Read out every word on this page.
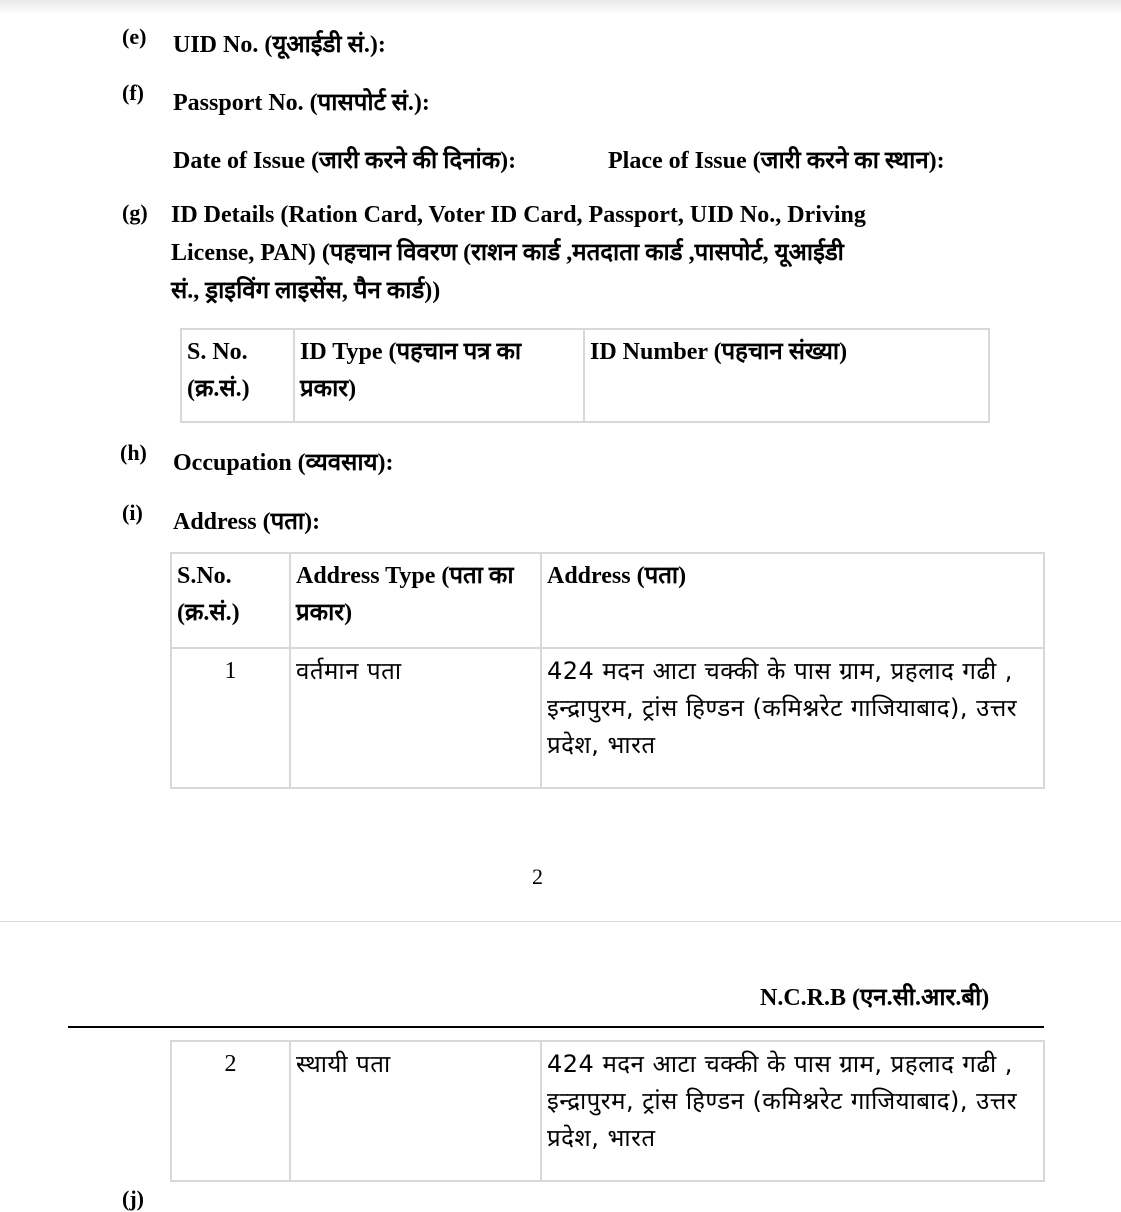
(e) UID No. (यूआईडी सं.):
(f) Passport No. (पासपोर्ट सं.):
Date of Issue (जारी करने की दिनांक):	Place of Issue (जारी करने का स्थान):
(g) ID Details (Ration Card, Voter ID Card, Passport, UID No., Driving
License, PAN) (पहचान विवरण (राशन कार्ड ,मतदाता कार्ड ,पासपोर्ट, यूआईडी
सं., ड्राइविंग लाइसेंस, पैन कार्ड))
S. No. (क्र.सं.)	ID Type (पहचान पत्र का प्रकार)	ID Number (पहचान संख्या)
(h) Occupation (व्यवसाय):
(i) Address (पता):
S.No. (क्र.सं.)	Address Type (पता का प्रकार)	Address (पता)
1	वर्तमान पता	424 मदन आटा चक्की के पास ग्राम, प्रहलाद गढी , इन्द्रापुरम, ट्रांस हिण्डन (कमिश्नरेट गाजियाबाद), उत्तर प्रदेश, भारत
2
N.C.R.B (एन.सी.आर.बी)
2	स्थायी पता	424 मदन आटा चक्की के पास ग्राम, प्रहलाद गढी , इन्द्रापुरम, ट्रांस हिण्डन (कमिश्नरेट गाजियाबाद), उत्तर प्रदेश, भारत
(j)
